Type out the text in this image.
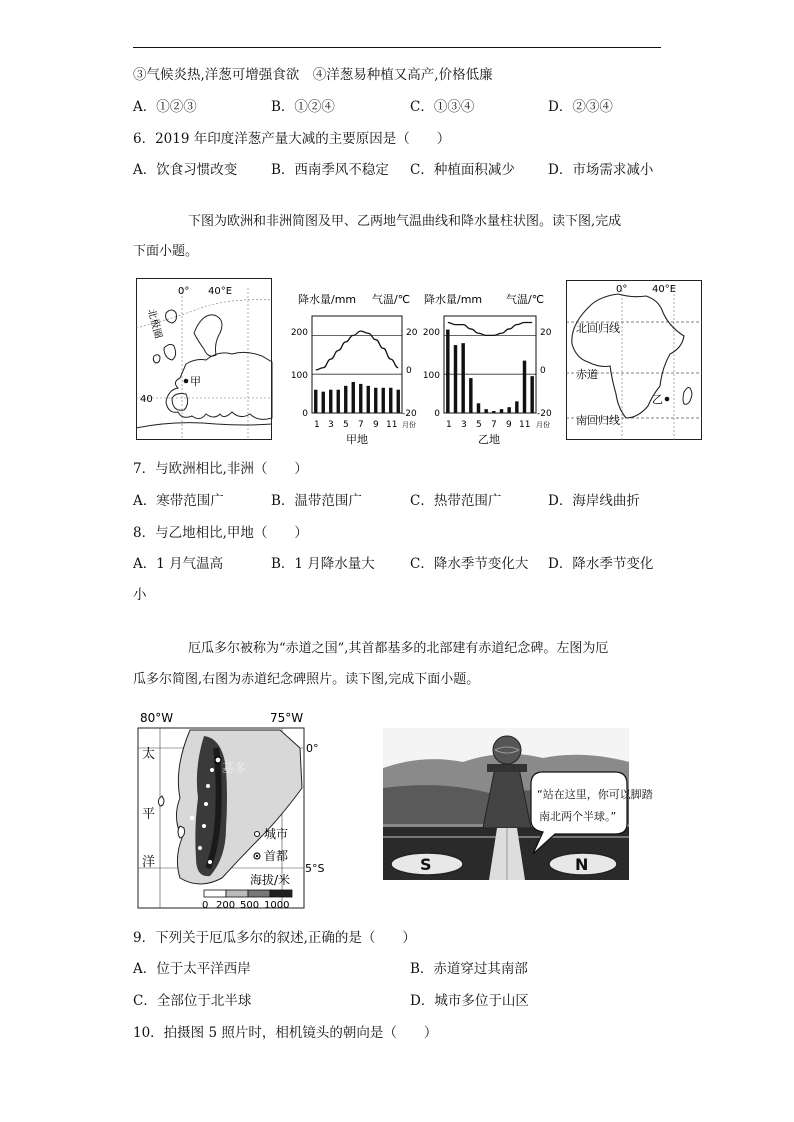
③气候炎热,洋葱可增强食欲　④洋葱易种植又高产,价格低廉
A．①②③	B．①②④	C．①③④	D．②③④
6．2019 年印度洋葱产量大减的主要原因是（　　）
A．饮食习惯改变	B．西南季风不稳定 C．种植面积减少 D．市场需求减小
下图为欧洲和非洲简图及甲、乙两地气温曲线和降水量柱状图。读下图,完成
下面小题。
0° 40°E
40
甲
北极圈
降水量/mm 气温/℃
200
100
0
20
0
-20
1 3 5 7 9 11 月份
甲地
降水量/mm 气温/℃
200
100
0
20
0
-20
1 3 5 7 9 11 月份
乙地
0° 40°E
北回归线
赤道
南回归线
乙
7．与欧洲相比,非洲（　　）
A．寒带范围广	B．温带范围广	C．热带范围广	D．海岸线曲折
8．与乙地相比,甲地（　　）
A．1 月气温高	B．1 月降水量大	C．降水季节变化大 D．降水季节变化
小
厄瓜多尔被称为“赤道之国”,其首都基多的北部建有赤道纪念碑。左图为厄
瓜多尔简图,右图为赤道纪念碑照片。读下图,完成下面小题。
80°W	75°W
基多
太
平
洋
0°
5°S
城市
首都
海拔/米
0 200 500 1000
S	N
“站在这里，你可以脚踏
南北两个半球。”
9．下列关于厄瓜多尔的叙述,正确的是（　　）
A．位于太平洋西岸	B．赤道穿过其南部
C．全部位于北半球	D．城市多位于山区
10．拍摄图 5 照片时，相机镜头的朝向是（　　）
